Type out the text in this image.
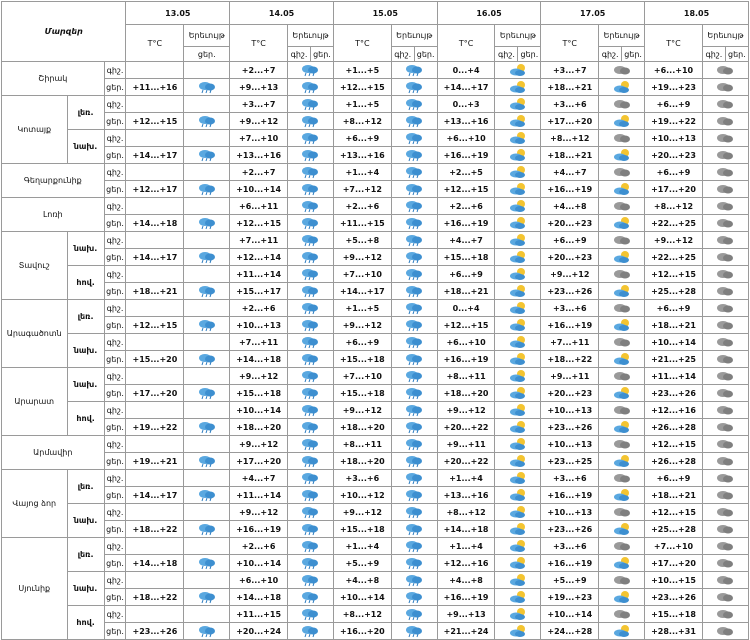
Մարզեր			13.05		14.05			15.05			16.05			17.05			18.05		
			T°C	Երեւույթ	T°C	Երեւույթ		T°C	Երեւույթ		T°C	Երեւույթ		T°C	Երեւույթ		T°C	Երեւույթ	
				ցեր.		գիշ.	ցեր.		գիշ.	ցեր.		գիշ.	ցեր.		գիշ.	ցեր.		գիշ.	ցեր.
Շիրակ		գիշ.			+2...+7			+1...+5			0...+4			+3...+7			+6...+10	

		ցեր.	+11...+16		+9...+13			+12...+15			+14...+17			+18...+21			+19...+23	

Կոտայք	լեռ.	գիշ.			+3...+7			+1...+5			0...+3			+3...+6			+6...+9	

		ցեր.	+12...+15		+9...+12			+8...+12			+13...+16			+17...+20			+19...+22	

	նախ.	գիշ.			+7...+10			+6...+9			+6...+10			+8...+12			+10...+13	

		ցեր.	+14...+17		+13...+16			+13...+16			+16...+19			+18...+21			+20...+23	

Գեղարքունիք		գիշ.			+2...+7			+1...+4			+2...+5			+4...+7			+6...+9	

		ցեր.	+12...+17		+10...+14			+7...+12			+12...+15			+16...+19			+17...+20	

Լոռի		գիշ.			+6...+11			+2...+6			+2...+6			+4...+8			+8...+12	

		ցեր.	+14...+18		+12...+15			+11...+15			+16...+19			+20...+23			+22...+25	

Տավուշ	նախ.	գիշ.			+7...+11			+5...+8			+4...+7			+6...+9			+9...+12	

		ցեր.	+14...+17		+12...+14			+9...+12			+15...+18			+20...+23			+22...+25	

	հով.	գիշ.			+11...+14			+7...+10			+6...+9			+9...+12			+12...+15	

		ցեր.	+18...+21		+15...+17			+14...+17			+18...+21			+23...+26			+25...+28	

Արագածոտն	լեռ.	գիշ.			+2...+6			+1...+5			0...+4			+3...+6			+6...+9	

		ցեր.	+12...+15		+10...+13			+9...+12			+12...+15			+16...+19			+18...+21	

	նախ.	գիշ.			+7...+11			+6...+9			+6...+10			+7...+11			+10...+14	

		ցեր.	+15...+20		+14...+18			+15...+18			+16...+19			+18...+22			+21...+25	

Արարատ	նախ.	գիշ.			+9...+12			+7...+10			+8...+11			+9...+11			+11...+14	

		ցեր.	+17...+20		+15...+18			+15...+18			+18...+20			+20...+23			+23...+26	

	հով.	գիշ.			+10...+14			+9...+12			+9...+12			+10...+13			+12...+16	

		ցեր.	+19...+22		+18...+20			+18...+20			+20...+22			+23...+26			+26...+28	

Արմավիր		գիշ.			+9...+12			+8...+11			+9...+11			+10...+13			+12...+15	

		ցեր.	+19...+21		+17...+20			+18...+20			+20...+22			+23...+25			+26...+28	

Վայոց ձոր	լեռ.	գիշ.			+4...+7			+3...+6			+1...+4			+3...+6			+6...+9	

		ցեր.	+14...+17		+11...+14			+10...+12			+13...+16			+16...+19			+18...+21	

	նախ.	գիշ.			+9...+12			+9...+12			+8...+12			+10...+13			+12...+15	

		ցեր.	+18...+22		+16...+19			+15...+18			+14...+18			+23...+26			+25...+28	

Սյունիք	լեռ.	գիշ.			+2...+6			+1...+4			+1...+4			+3...+6			+7...+10	

		ցեր.	+14...+18		+10...+14			+5...+9			+12...+16			+16...+19			+17...+20	

	նախ.	գիշ.			+6...+10			+4...+8			+4...+8			+5...+9			+10...+15	

		ցեր.	+18...+22		+14...+18			+10...+14			+16...+19			+19...+23			+23...+26	

	հով.	գիշ.			+11...+15			+8...+12			+9...+13			+10...+14			+15...+18	

		ցեր.	+23...+26		+20...+24			+16...+20			+21...+24			+24...+28			+28...+31	
